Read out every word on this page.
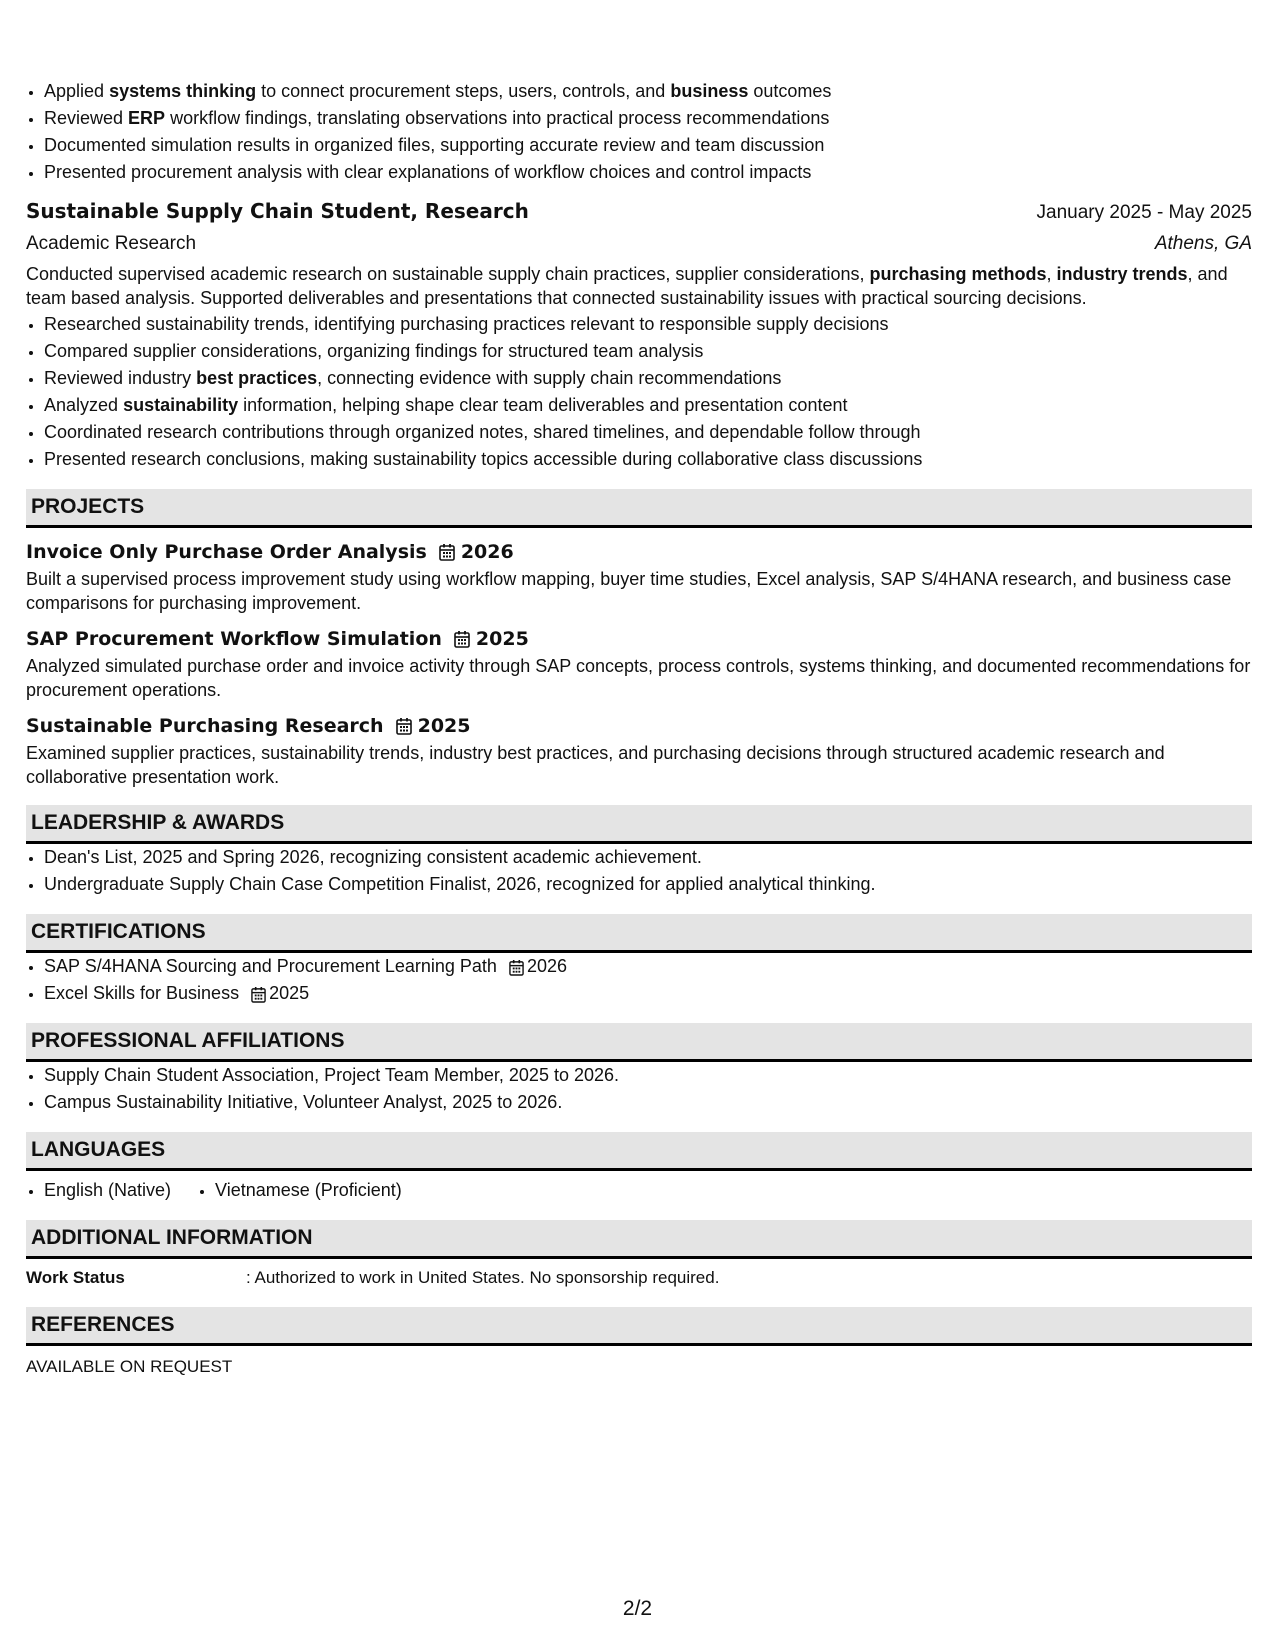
• Applied systems thinking to connect procurement steps, users, controls, and business outcomes
• Reviewed ERP workflow findings, translating observations into practical process recommendations
• Documented simulation results in organized files, supporting accurate review and team discussion
• Presented procurement analysis with clear explanations of workflow choices and control impacts
Sustainable Supply Chain Student, Research	January 2025 - May 2025
Academic Research	Athens, GA
Conducted supervised academic research on sustainable supply chain practices, supplier considerations, purchasing methods, industry trends, and team based analysis. Supported deliverables and presentations that connected sustainability issues with practical sourcing decisions.
• Researched sustainability trends, identifying purchasing practices relevant to responsible supply decisions
• Compared supplier considerations, organizing findings for structured team analysis
• Reviewed industry best practices, connecting evidence with supply chain recommendations
• Analyzed sustainability information, helping shape clear team deliverables and presentation content
• Coordinated research contributions through organized notes, shared timelines, and dependable follow through
• Presented research conclusions, making sustainability topics accessible during collaborative class discussions
PROJECTS
Invoice Only Purchase Order Analysis 2026
Built a supervised process improvement study using workflow mapping, buyer time studies, Excel analysis, SAP S/4HANA research, and business case comparisons for purchasing improvement.
SAP Procurement Workflow Simulation 2025
Analyzed simulated purchase order and invoice activity through SAP concepts, process controls, systems thinking, and documented recommendations for procurement operations.
Sustainable Purchasing Research 2025
Examined supplier practices, sustainability trends, industry best practices, and purchasing decisions through structured academic research and collaborative presentation work.
LEADERSHIP & AWARDS
• Dean's List, 2025 and Spring 2026, recognizing consistent academic achievement.
• Undergraduate Supply Chain Case Competition Finalist, 2026, recognized for applied analytical thinking.
CERTIFICATIONS
• SAP S/4HANA Sourcing and Procurement Learning Path 2026
• Excel Skills for Business 2025
PROFESSIONAL AFFILIATIONS
• Supply Chain Student Association, Project Team Member, 2025 to 2026.
• Campus Sustainability Initiative, Volunteer Analyst, 2025 to 2026.
LANGUAGES
• English (Native)
• Vietnamese (Proficient)
ADDITIONAL INFORMATION
Work Status	: Authorized to work in United States. No sponsorship required.
REFERENCES
AVAILABLE ON REQUEST
2/2
